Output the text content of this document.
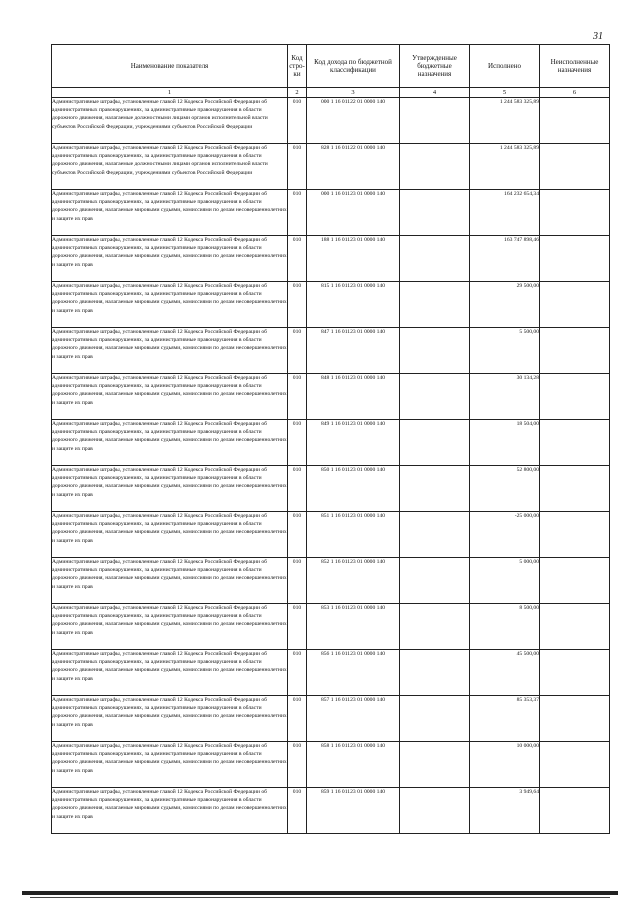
31
Наименование показателя	Код стро-ки	Код дохода по бюджетной классификации	Утвержденные бюджетные назначения	Исполнено	Неисполненные назначения
1	2	3	4	5	6

Административные штрафы, установленные главой 12 Кодекса Российской Федерации об административных правонарушениях, за административные правонарушения в области дорожного движения, налагаемые должностными лицами органов исполнительной власти субъектов Российской Федерации, учреждениями субъектов Российской Федерации	010	000 1 16 01122 01 0000 140		1 244 583 325,89	

Административные штрафы, установленные главой 12 Кодекса Российской Федерации об административных правонарушениях, за административные правонарушения в области дорожного движения, налагаемые должностными лицами органов исполнительной власти субъектов Российской Федерации, учреждениями субъектов Российской Федерации	010	828 1 16 01122 01 0000 140		1 244 583 325,89	

Административные штрафы, установленные главой 12 Кодекса Российской Федерации об административных правонарушениях, за административные правонарушения в области дорожного движения, налагаемые мировыми судьями, комиссиями по делам несовершеннолетних и защите их прав	010	000 1 16 01123 01 0000 140		164 232 654,34	

Административные штрафы, установленные главой 12 Кодекса Российской Федерации об административных правонарушениях, за административные правонарушения в области дорожного движения, налагаемые мировыми судьями, комиссиями по делам несовершеннолетних и защите их прав	010	188 1 16 01123 01 0000 140		163 747 898,46	

Административные штрафы, установленные главой 12 Кодекса Российской Федерации об административных правонарушениях, за административные правонарушения в области дорожного движения, налагаемые мировыми судьями, комиссиями по делам несовершеннолетних и защите их прав	010	815 1 16 01123 01 0000 140		29 500,00	

Административные штрафы, установленные главой 12 Кодекса Российской Федерации об административных правонарушениях, за административные правонарушения в области дорожного движения, налагаемые мировыми судьями, комиссиями по делам несовершеннолетних и защите их прав	010	847 1 16 01123 01 0000 140		5 500,00	

Административные штрафы, установленные главой 12 Кодекса Российской Федерации об административных правонарушениях, за административные правонарушения в области дорожного движения, налагаемые мировыми судьями, комиссиями по делам несовершеннолетних и защите их прав	010	848 1 16 01123 01 0000 140		30 134,28	

Административные штрафы, установленные главой 12 Кодекса Российской Федерации об административных правонарушениях, за административные правонарушения в области дорожного движения, налагаемые мировыми судьями, комиссиями по делам несовершеннолетних и защите их прав	010	849 1 16 01123 01 0000 140		18 504,00	

Административные штрафы, установленные главой 12 Кодекса Российской Федерации об административных правонарушениях, за административные правонарушения в области дорожного движения, налагаемые мировыми судьями, комиссиями по делам несовершеннолетних и защите их прав	010	850 1 16 01123 01 0000 140		52 800,00	

Административные штрафы, установленные главой 12 Кодекса Российской Федерации об административных правонарушениях, за административные правонарушения в области дорожного движения, налагаемые мировыми судьями, комиссиями по делам несовершеннолетних и защите их прав	010	851 1 16 01123 01 0000 140		-25 000,00	

Административные штрафы, установленные главой 12 Кодекса Российской Федерации об административных правонарушениях, за административные правонарушения в области дорожного движения, налагаемые мировыми судьями, комиссиями по делам несовершеннолетних и защите их прав	010	852 1 16 01123 01 0000 140		5 000,00	

Административные штрафы, установленные главой 12 Кодекса Российской Федерации об административных правонарушениях, за административные правонарушения в области дорожного движения, налагаемые мировыми судьями, комиссиями по делам несовершеннолетних и защите их прав	010	853 1 16 01123 01 0000 140		8 500,00	

Административные штрафы, установленные главой 12 Кодекса Российской Федерации об административных правонарушениях, за административные правонарушения в области дорожного движения, налагаемые мировыми судьями, комиссиями по делам несовершеннолетних и защите их прав	010	856 1 16 01123 01 0000 140		45 500,00	

Административные штрафы, установленные главой 12 Кодекса Российской Федерации об административных правонарушениях, за административные правонарушения в области дорожного движения, налагаемые мировыми судьями, комиссиями по делам несовершеннолетних и защите их прав	010	857 1 16 01123 01 0000 140		85 353,37	

Административные штрафы, установленные главой 12 Кодекса Российской Федерации об административных правонарушениях, за административные правонарушения в области дорожного движения, налагаемые мировыми судьями, комиссиями по делам несовершеннолетних и защите их прав	010	858 1 16 01123 01 0000 140		10 000,00	

Административные штрафы, установленные главой 12 Кодекса Российской Федерации об административных правонарушениях, за административные правонарушения в области дорожного движения, налагаемые мировыми судьями, комиссиями по делам несовершеннолетних и защите их прав	010	859 1 16 01123 01 0000 140		3 949,64	
